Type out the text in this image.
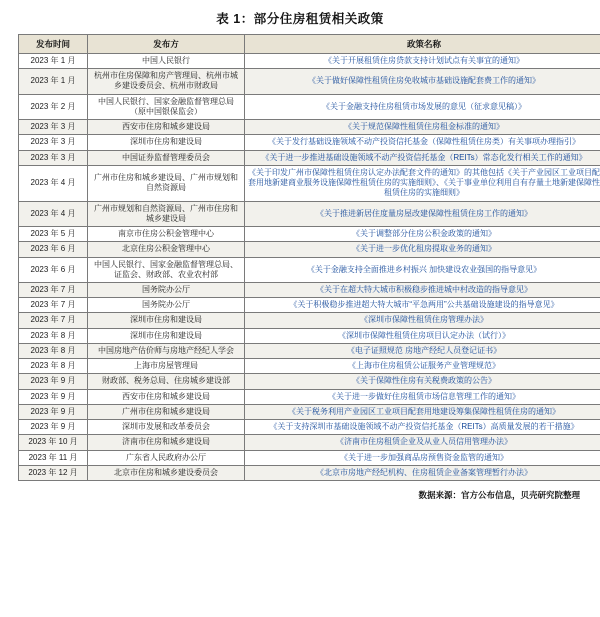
表 1：部分住房租赁相关政策
发布时间	发布方	政策名称
2023 年 1 月	中国人民银行	《关于开展租赁住房贷款支持计划试点有关事宜的通知》
2023 年 1 月	杭州市住房保障和房产管理局、杭州市城乡建设委员会、杭州市财政局	《关于做好保障性租赁住房免收城市基础设施配套费工作的通知》
2023 年 2 月	中国人民银行、国家金融监督管理总局（原中国银保监会）	《关于金融支持住房租赁市场发展的意见（征求意见稿）》
2023 年 3 月	西安市住房和城乡建设局	《关于规范保障性租赁住房租金标准的通知》
2023 年 3 月	深圳市住房和建设局	《关于发行基础设施领域不动产投资信托基金（保障性租赁住房类）有关事项办理指引》
2023 年 3 月	中国证券监督管理委员会	《关于进一步推进基础设施领域不动产投资信托基金（REITs）常态化发行相关工作的通知》
2023 年 4 月	广州市住房和城乡建设局、广州市规划和自然资源局	《关于印发广州市保障性租赁住房认定办法配套文件的通知》的其他包括《关于产业园区工业项目配套用地新建商业服务设施保障性租赁住房的实施细则》、《关于事业单位利用自有存量土地新建保障性租赁住房的实施细则》
2023 年 4 月	广州市规划和自然资源局、广州市住房和城乡建设局	《关于推进新居住度量房屋改建保障性租赁住房工作的通知》
2023 年 5 月	南京市住房公积金管理中心	《关于调整部分住房公积金政策的通知》
2023 年 6 月	北京住房公积金管理中心	《关于进一步优化租房提取业务的通知》
2023 年 6 月	中国人民银行、国家金融监督管理总局、证监会、财政部、农业农村部	《关于金融支持全面推进乡村振兴 加快建设农业强国的指导意见》
2023 年 7 月	国务院办公厅	《关于在超大特大城市积极稳步推进城中村改造的指导意见》
2023 年 7 月	国务院办公厅	《关于积极稳步推进超大特大城市“平急两用”公共基础设施建设的指导意见》
2023 年 7 月	深圳市住房和建设局	《深圳市保障性租赁住房管理办法》
2023 年 8 月	深圳市住房和建设局	《深圳市保障性租赁住房项目认定办法（试行）》
2023 年 8 月	中国房地产估价师与房地产经纪人学会	《电子证照规范 房地产经纪人员登记证书》
2023 年 8 月	上海市房屋管理局	《上海市住房租赁公证服务产业管理规范》
2023 年 9 月	财政部、税务总局、住房城乡建设部	《关于保障性住房有关税费政策的公告》
2023 年 9 月	西安市住房和城乡建设局	《关于进一步做好住房租赁市场信息管理工作的通知》
2023 年 9 月	广州市住房和城乡建设局	《关于税务利用产业园区工业项目配套用地建设筹集保障性租赁住房的通知》
2023 年 9 月	深圳市发展和改革委员会	《关于支持深圳市基础设施领域不动产投资信托基金（REITs）高质量发展的若干措施》
2023 年 10 月	济南市住房和城乡建设局	《济南市住房租赁企业及从业人员信用管理办法》
2023 年 11 月	广东省人民政府办公厅	《关于进一步加强商品房预售资金监管的通知》
2023 年 12 月	北京市住房和城乡建设委员会	《北京市房地产经纪机构、住房租赁企业备案管理暂行办法》
数据来源：官方公布信息，贝壳研究院整理
